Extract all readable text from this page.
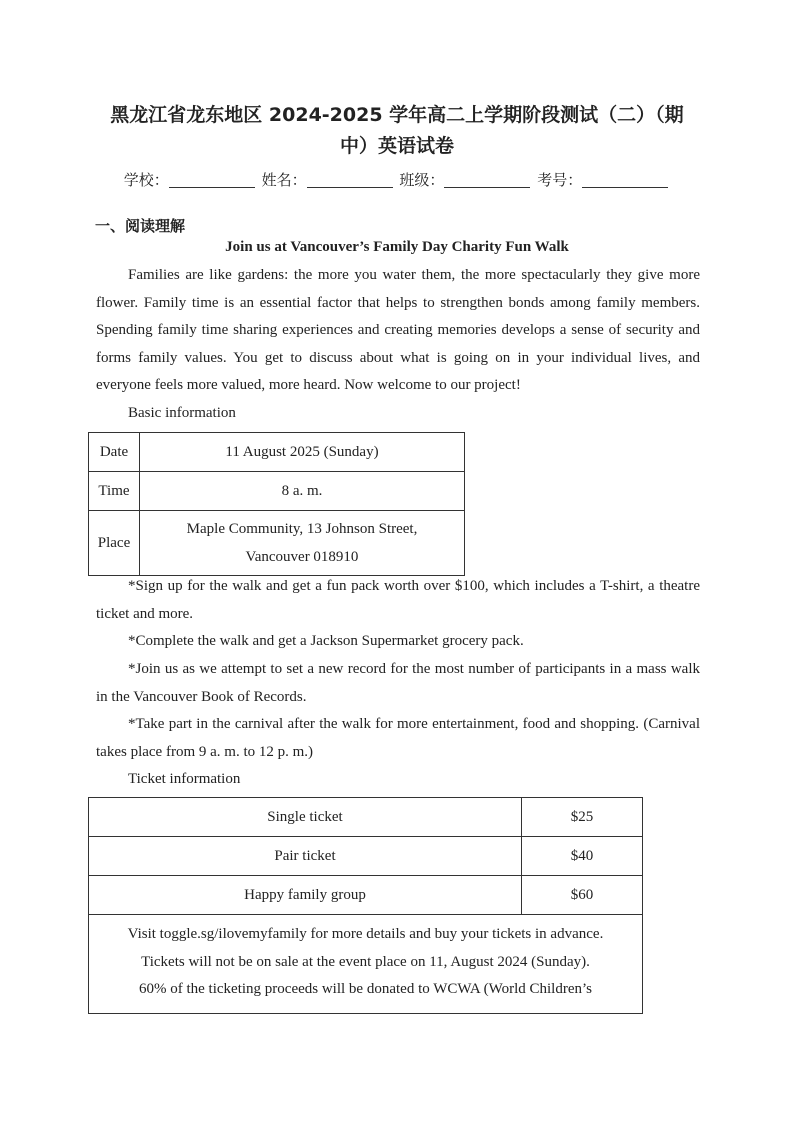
黑龙江省龙东地区 2024-2025 学年高二上学期阶段测试（二）（期
中）英语试卷
学校：	姓名：	班级：	考号：
一、阅读理解
Join us at Vancouver’s Family Day Charity Fun Walk

Families are like gardens: the more you water them, the more spectacularly they give more flower. Family time is an essential factor that helps to strengthen bonds among family members. Spending family time sharing experiences and creating memories develops a sense of security and forms family values. You get to discuss about what is going on in your individual lives, and everyone feels more valued, more heard. Now welcome to our project!

Basic information
Date	11 August 2025 (Sunday)
Time	8 a. m.
Place	Maple Community, 13 Johnson Street,
Vancouver 018910

*Sign up for the walk and get a fun pack worth over $100, which includes a T-shirt, a theatre ticket and more.

*Complete the walk and get a Jackson Supermarket grocery pack.

*Join us as we attempt to set a new record for the most number of participants in a mass walk in the Vancouver Book of Records.

*Take part in the carnival after the walk for more entertainment, food and shopping. (Carnival takes place from 9 a. m. to 12 p. m.)

Ticket information
Single ticket	$25
Pair ticket	$40
Happy family group	$60
Visit toggle.sg/ilovemyfamily for more details and buy your tickets in advance.
Tickets will not be on sale at the event place on 11, August 2024 (Sunday).
60% of the ticketing proceeds will be donated to WCWA (World Children’s	
